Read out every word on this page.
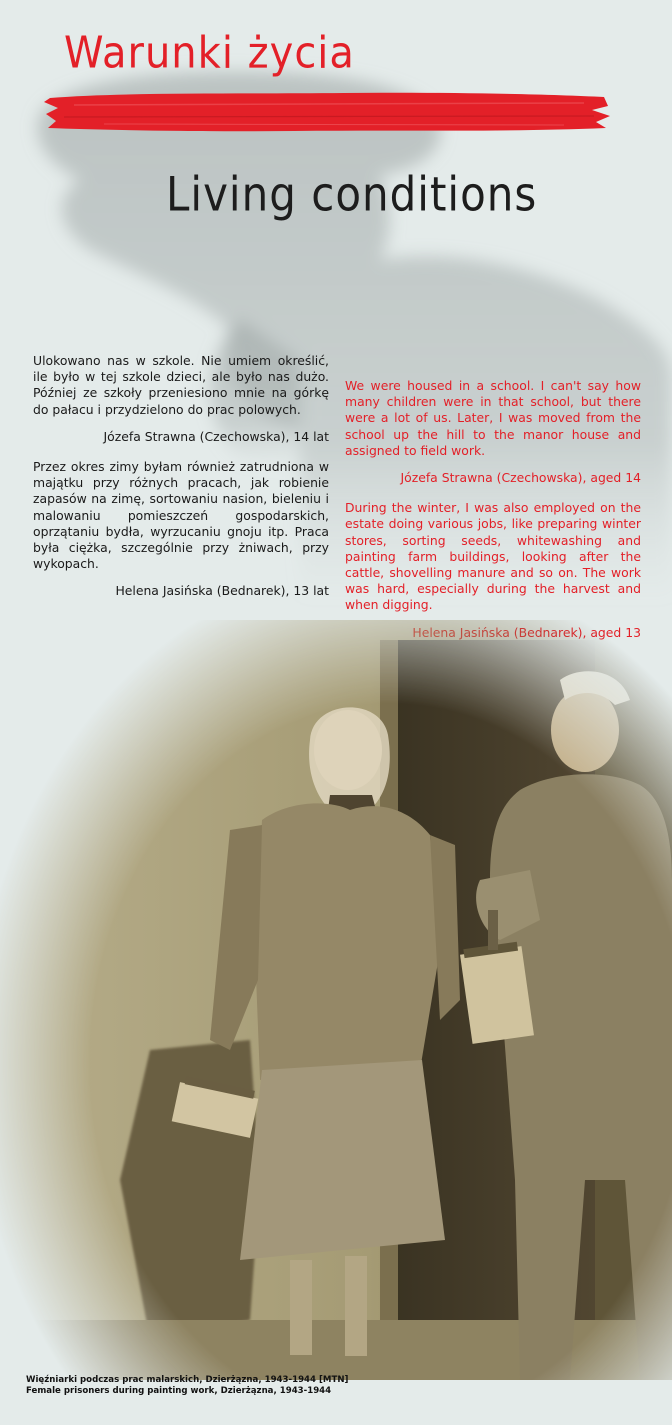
Warunki życia
Living conditions

Ulokowano nas w szkole. Nie umiem określić, ile było w tej szkole dzieci, ale było nas dużo. Później ze szkoły przeniesiono mnie na górkę do pałacu i przydzielono do prac polowych.

Józefa Strawna (Czechowska), 14 lat

Przez okres zimy byłam również zatrudniona w majątku przy różnych pracach, jak robienie zapasów na zimę, sortowaniu nasion, bieleniu i malowaniu pomieszczeń gospodarskich, oprzątaniu bydła, wyrzucaniu gnoju itp. Praca była ciężka, szczególnie przy żniwach, przy wykopach.

Helena Jasińska (Bednarek), 13 lat

We were housed in a school. I can't say how many children were in that school, but there were a lot of us. Later, I was moved from the school up the hill to the manor house and assigned to field work.

Józefa Strawna (Czechowska), aged 14

During the winter, I was also employed on the estate doing various jobs, like preparing winter stores, sorting seeds, whitewashing and painting farm buildings, looking after the cattle, shovelling manure and so on. The work was hard, especially during the harvest and when digging.

Więźniarki podczas prac malarskich, Dzierżązna, 1943-1944 [MTN]
Female prisoners during painting work, Dzierżązna, 1943-1944
